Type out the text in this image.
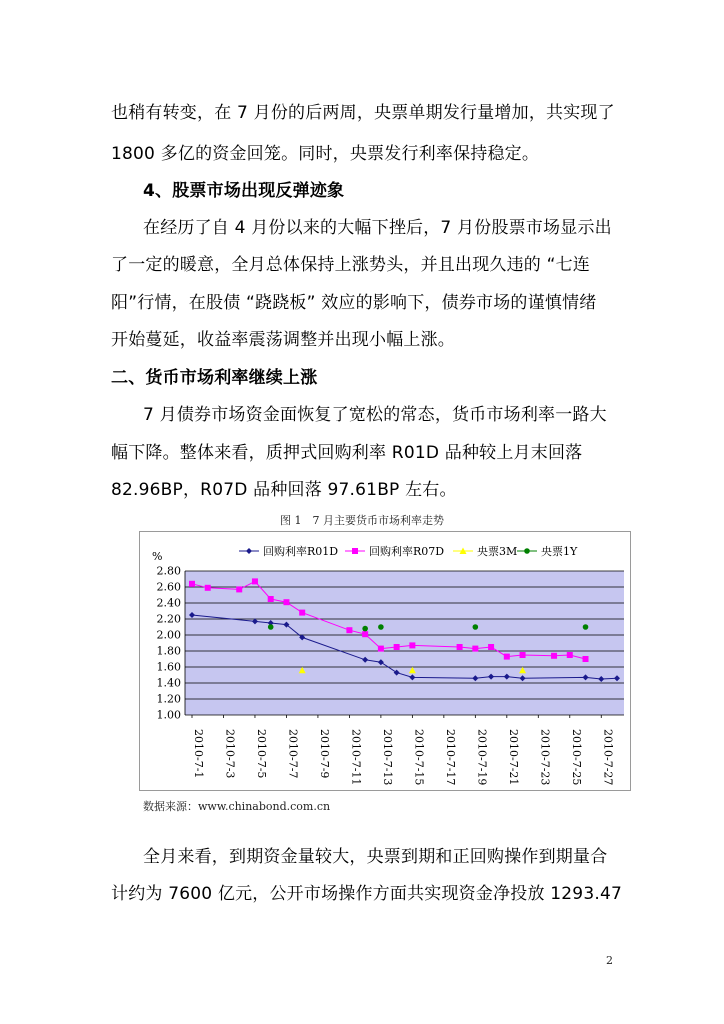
也稍有转变，在 7 月份的后两周，央票单期发行量增加，共实现了
1800 多亿的资金回笼。同时，央票发行利率保持稳定。
4、股票市场出现反弹迹象
在经历了自 4 月份以来的大幅下挫后，7 月份股票市场显示出
了一定的暖意，全月总体保持上涨势头，并且出现久违的 “七连
阳”行情，在股债 “跷跷板” 效应的影响下，债券市场的谨慎情绪
开始蔓延，收益率震荡调整并出现小幅上涨。
二、货币市场利率继续上涨
7 月债券市场资金面恢复了宽松的常态，货币市场利率一路大
幅下降。整体来看，质押式回购利率 R01D 品种较上月末回落
82.96BP，R07D 品种回落 97.61BP 左右。
图 1　7 月主要货币市场利率走势
2.80
2.60
2.40
2.20
2.00
1.80
1.60
1.40
1.20
1.00
2010-7-1 2010-7-3 2010-7-5 2010-7-7 2010-7-9 2010-7-11 2010-7-13 2010-7-15 2010-7-17 2010-7-19 2010-7-21 2010-7-23 2010-7-25 2010-7-27
%	回购利率R01D	回购利率R07D	央票3M 央票1Y
数据来源：www.chinabond.com.cn
全月来看，到期资金量较大，央票到期和正回购操作到期量合
计约为 7600 亿元，公开市场操作方面共实现资金净投放 1293.47
2
